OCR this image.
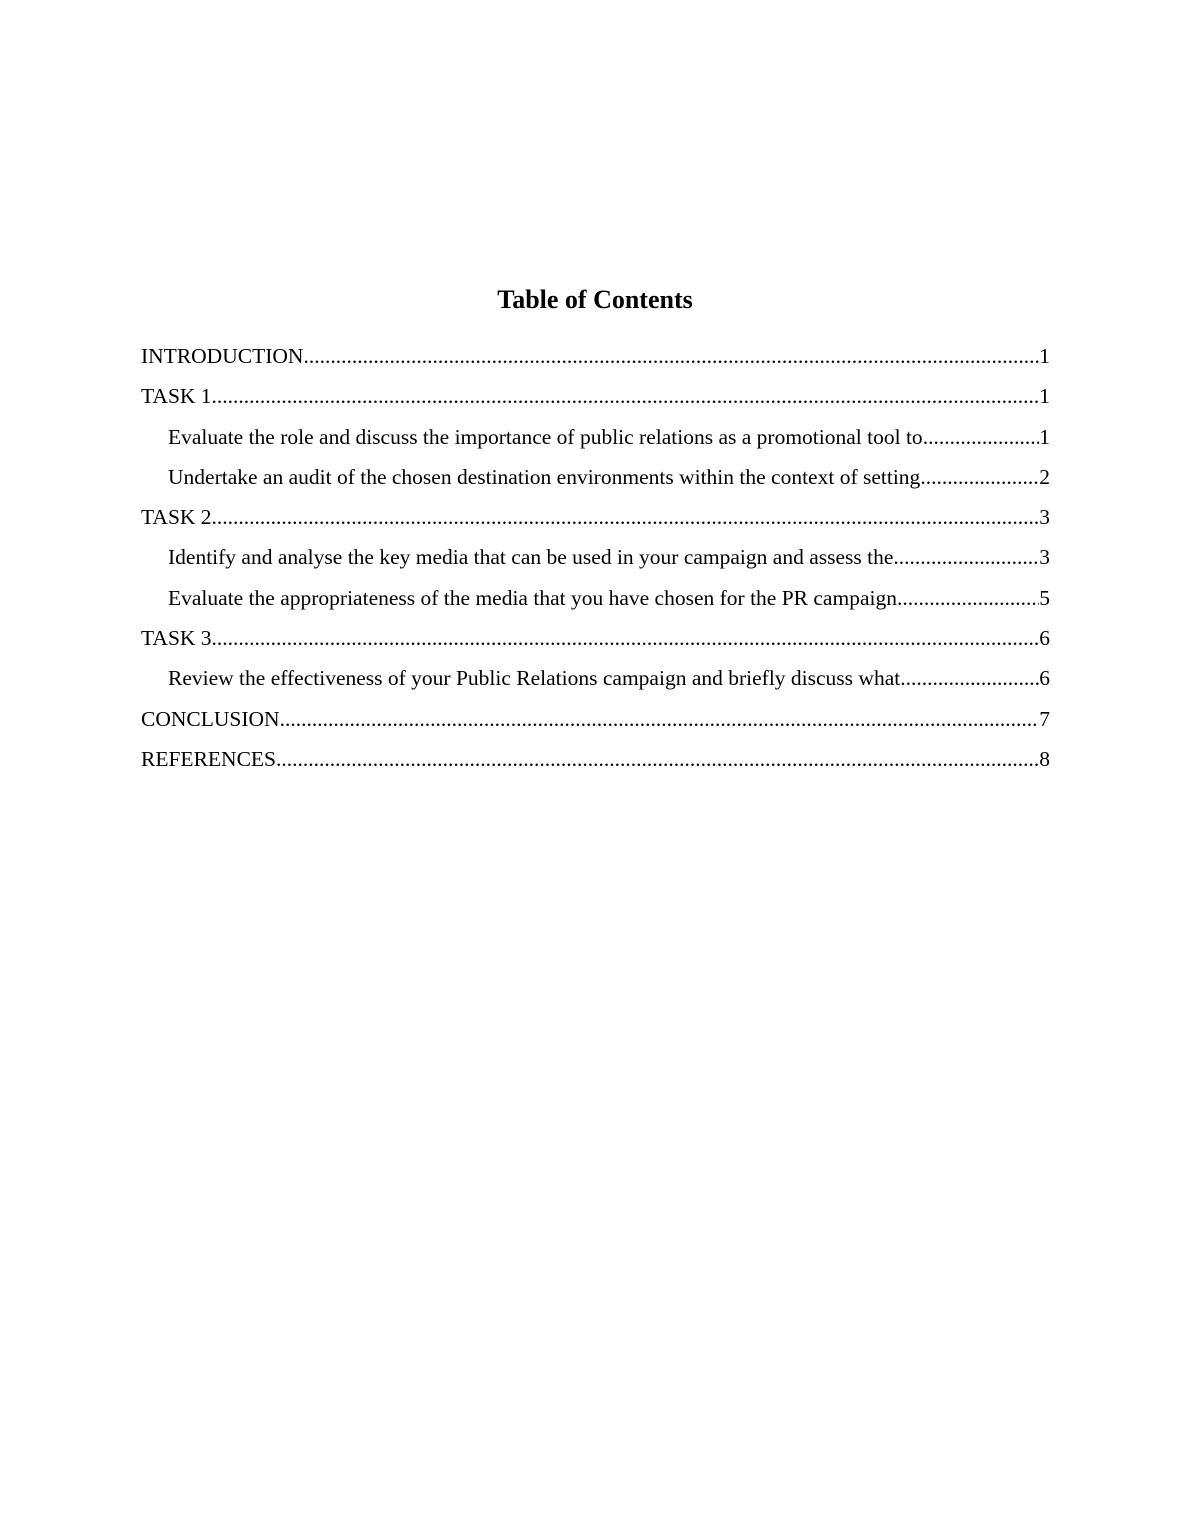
Table of Contents
INTRODUCTION .....	1
TASK 1 .....	1
Evaluate the role and discuss the importance of public relations as a promotional tool to .....	1
Undertake an audit of the chosen destination environments within the context of setting .....	2
TASK 2 .....	3
Identify and analyse the key media that can be used in your campaign and assess the .....	3
Evaluate the appropriateness of the media that you have chosen for the PR campaign .....	5
TASK 3 .....	6
Review the effectiveness of your Public Relations campaign and briefly discuss what .....	6
CONCLUSION .....	7
REFERENCES .....	8
